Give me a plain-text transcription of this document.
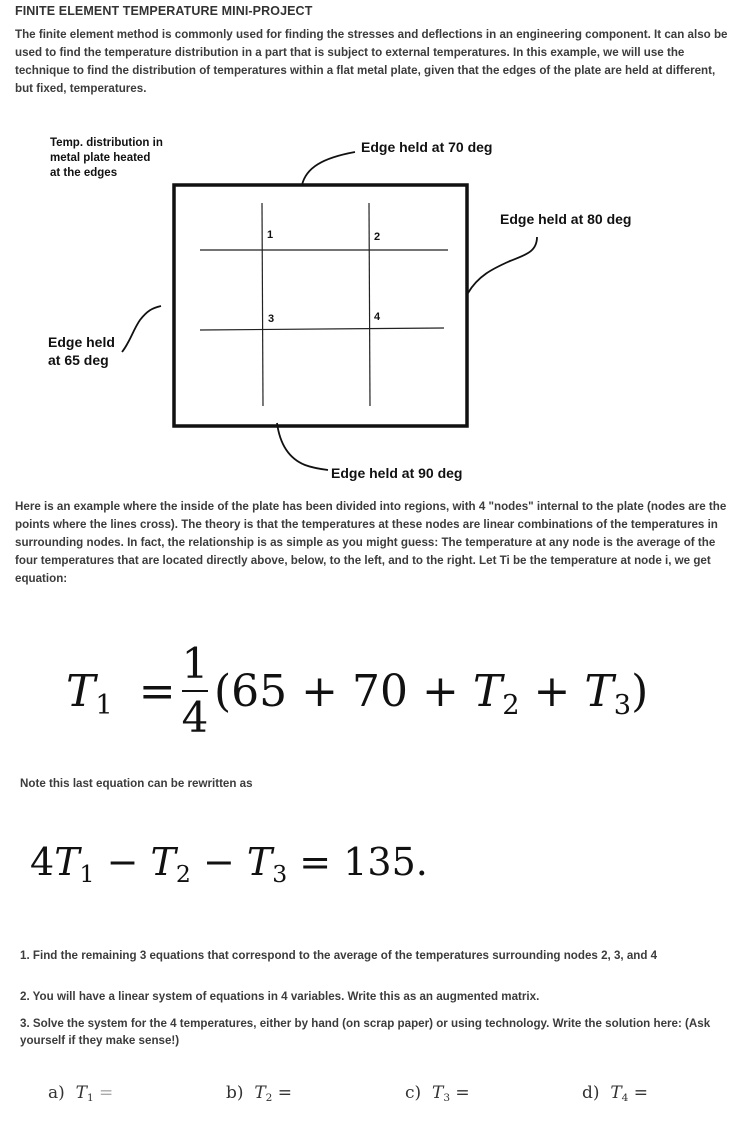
FINITE ELEMENT TEMPERATURE MINI-PROJECT
The finite element method is commonly used for finding the stresses and deflections in an engineering component. It can also be used to find the temperature distribution in a part that is subject to external temperatures. In this example, we will use the technique to find the distribution of temperatures within a flat metal plate, given that the edges of the plate are held at different, but fixed, temperatures.
Temp. distribution in
metal plate heated
at the edges
Edge held at 70 deg
Edge held at 80 deg
Edge held
at 65 deg
Edge held at 90 deg
1	2
3	4
Here is an example where the inside of the plate has been divided into regions, with 4 "nodes" internal to the plate (nodes are the points where the lines cross). The theory is that the temperatures at these nodes are linear combinations of the temperatures in surrounding nodes. In fact, the relationship is as simple as you might guess: The temperature at any node is the average of the four temperatures that are located directly above, below, to the left, and to the right. Let Ti be the temperature at node i, we get equation:
T1 =
1
4
(65 + 70 + T2 + T3)
Note this last equation can be rewritten as
4T1 − T2 − T3 = 135.
1. Find the remaining 3 equations that correspond to the average of the temperatures surrounding nodes 2, 3, and 4
2. You will have a linear system of equations in 4 variables. Write this as an augmented matrix.
3. Solve the system for the 4 temperatures, either by hand (on scrap paper) or using technology. Write the solution here: (Ask yourself if they make sense!)
a) T1 =	b) T2 =	c) T3 =	d) T4 =
